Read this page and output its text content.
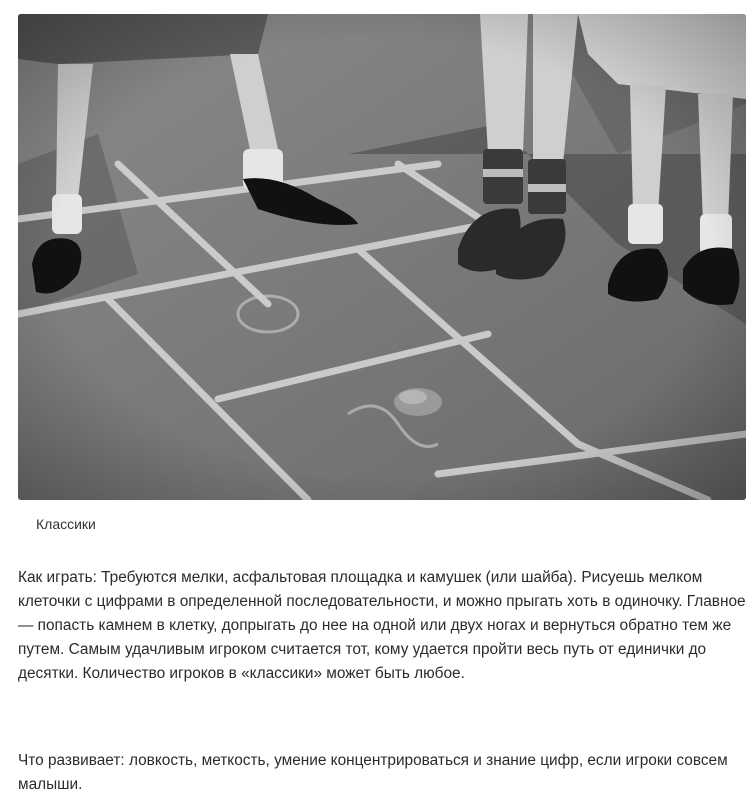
Классики

Как играть: Требуются мелки, асфальтовая площадка и камушек (или шайба). Рисуешь мелком клеточки с цифрами в определенной последовательности, и можно прыгать хоть в одиночку. Главное — попасть камнем в клетку, допрыгать до нее на одной или двух ногах и вернуться обратно тем же путем. Самым удачливым игроком считается тот, кому удается пройти весь путь от единички до десятки. Количество игроков в «классики» может быть любое.

Что развивает: ловкость, меткость, умение концентрироваться и знание цифр, если игроки совсем малыши.
